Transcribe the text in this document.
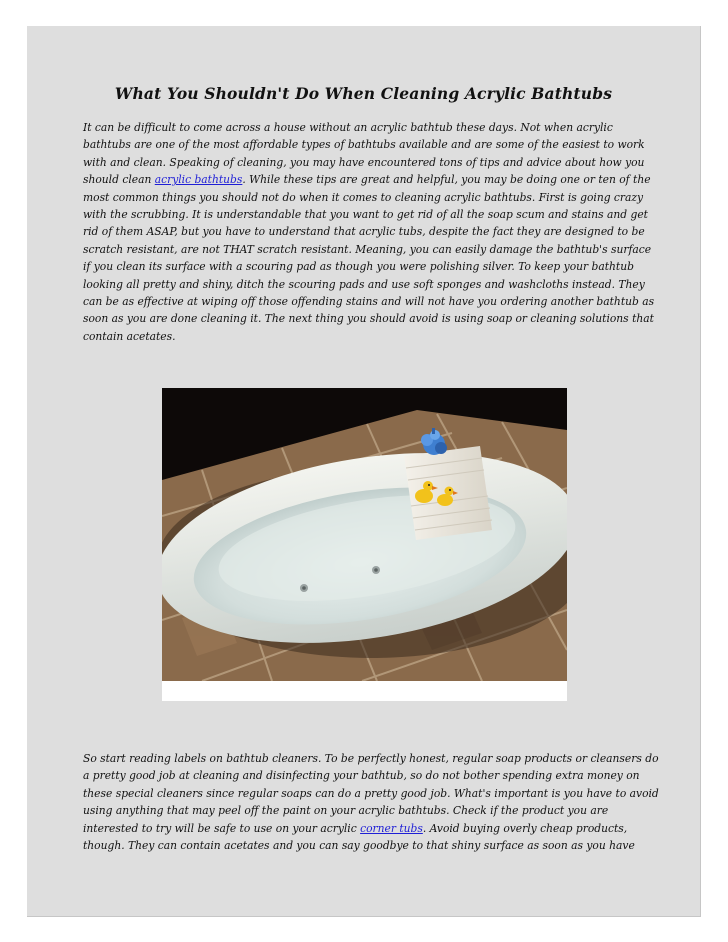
What You Shouldn't Do When Cleaning Acrylic Bathtubs

It can be difficult to come across a house without an acrylic bathtub these days. Not when acrylic bathtubs are one of the most affordable types of bathtubs available and are some of the easiest to work with and clean. Speaking of cleaning, you may have encountered tons of tips and advice about how you should clean acrylic bathtubs. While these tips are great and helpful, you may be doing one or ten of the most common things you should not do when it comes to cleaning acrylic bathtubs. First is going crazy with the scrubbing. It is understandable that you want to get rid of all the soap scum and stains and get rid of them ASAP, but you have to understand that acrylic tubs, despite the fact they are designed to be scratch resistant, are not THAT scratch resistant. Meaning, you can easily damage the bathtub's surface if you clean its surface with a scouring pad as though you were polishing silver. To keep your bathtub looking all pretty and shiny, ditch the scouring pads and use soft sponges and washcloths instead. They can be as effective at wiping off those offending stains and will not have you ordering another bathtub as soon as you are done cleaning it. The next thing you should avoid is using soap or cleaning solutions that contain acetates.

So start reading labels on bathtub cleaners. To be perfectly honest, regular soap products or cleansers do a pretty good job at cleaning and disinfecting your bathtub, so do not bother spending extra money on these special cleaners since regular soaps can do a pretty good job. What's important is you have to avoid using anything that may peel off the paint on your acrylic bathtubs. Check if the product you are interested to try will be safe to use on your acrylic corner tubs. Avoid buying overly cheap products, though. They can contain acetates and you can say goodbye to that shiny surface as soon as you have
